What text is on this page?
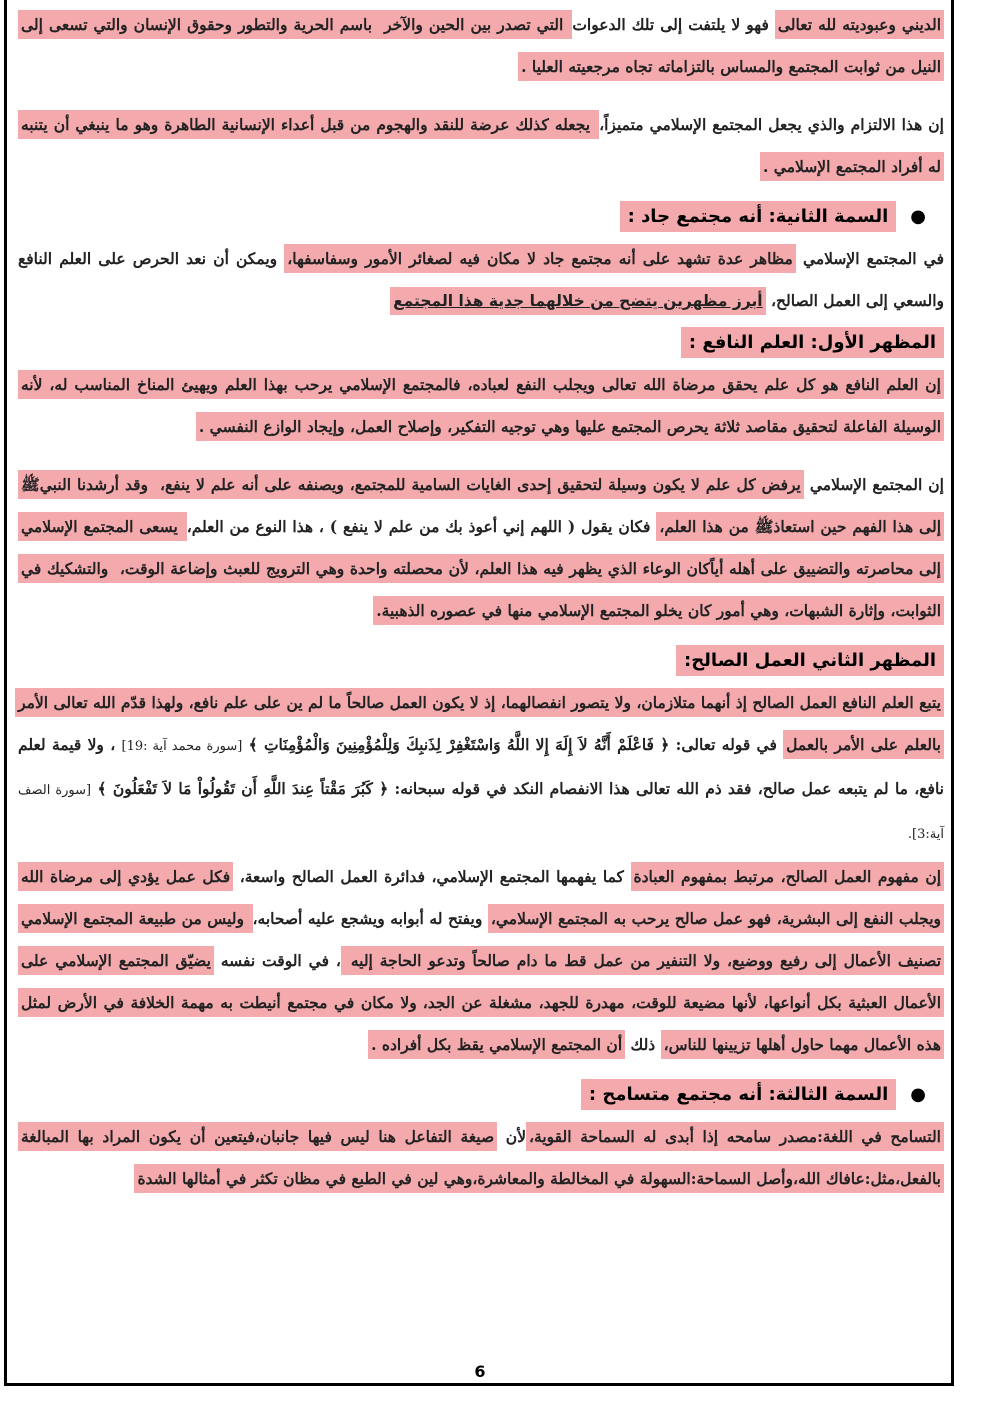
الديني وعبوديته لله تعالى فهو لا يلتفت إلى تلك الدعوات التي تصدر بين الحين والآخر باسم الحرية والتطور وحقوق الإنسان والتي تسعى إلى النيل من ثوابت المجتمع والمساس بالتزاماته تجاه مرجعيته العليا .

إن هذا الالتزام والذي يجعل المجتمع الإسلامي متميزاً، يجعله كذلك عرضة للنقد والهجوم من قبل أعداء الإنسانية الطاهرة وهو ما ينبغي أن يتنبه له أفراد المجتمع الإسلامي .

●السمة الثانية: أنه مجتمع جاد :

في المجتمع الإسلامي مظاهر عدة تشهد على أنه مجتمع جاد لا مكان فيه لصغائر الأمور وسفاسفها، ويمكن أن نعد الحرص على العلم النافع والسعي إلى العمل الصالح، أبرز مظهرين يتضح من خلالهما جدية هذا المجتمع

المظهر الأول: العلم النافع :

إن العلم النافع هو كل علم يحقق مرضاة الله تعالى ويجلب النفع لعباده، فالمجتمع الإسلامي يرحب بهذا العلم ويهيئ المناخ المناسب له، لأنه الوسيلة الفاعلة لتحقيق مقاصد ثلاثة يحرص المجتمع عليها وهي توجيه التفكير، وإصلاح العمل، وإيجاد الوازع النفسي .

إن المجتمع الإسلامي يرفض كل علم لا يكون وسيلة لتحقيق إحدى الغايات السامية للمجتمع، ويصنفه على أنه علم لا ينفع، وقد أرشدنا النبيﷺ إلى هذا الفهم حين استعاذﷺ من هذا العلم، فكان يقول ( اللهم إني أعوذ بك من علم لا ينفع ) ، هذا النوع من العلم، يسعى المجتمع الإسلامي إلى محاصرته والتضييق على أهله أياًكان الوعاء الذي يظهر فيه هذا العلم، لأن محصلته واحدة وهي الترويج للعبث وإضاعة الوقت، والتشكيك في الثوابت، وإثارة الشبهات، وهي أمور كان يخلو المجتمع الإسلامي منها في عصوره الذهبية.

المظهر الثاني العمل الصالح:

يتبع العلم النافع العمل الصالح إذ أنهما متلازمان، ولا يتصور انفصالهما، إذ لا يكون العمل صالحاً ما لم ين على علم نافع، ولهذا قدّم الله تعالى الأمر بالعلم على الأمر بالعمل في قوله تعالى: ﴿ فَاعْلَمْ أَنَّهُ لاَ إِلَهَ إِلا اللَّهُ وَاسْتَغْفِرْ لِذَنبِكَ وَلِلْمُؤْمِنِينَ وَالْمُؤْمِنَاتِ ﴾ [سورة محمد آية :19] ، ولا قيمة لعلم نافع، ما لم يتبعه عمل صالح، فقد ذم الله تعالى هذا الانفصام النكد في قوله سبحانه: ﴿ كَبُرَ مَقْتاً عِندَ اللَّهِ أَن تَقُولُواْ مَا لاَ تَفْعَلُونَ ﴾ [سورة الصف آية:3].

إن مفهوم العمل الصالح، مرتبط بمفهوم العبادة كما يفهمها المجتمع الإسلامي، فدائرة العمل الصالح واسعة، فكل عمل يؤدي إلى مرضاة الله ويجلب النفع إلى البشرية، فهو عمل صالح يرحب به المجتمع الإسلامي، ويفتح له أبوابه ويشجع عليه أصحابه، وليس من طبيعة المجتمع الإسلامي تصنيف الأعمال إلى رفيع ووضيع، ولا التنفير من عمل قط ما دام صالحاً وتدعو الحاجة إليه ، في الوقت نفسه يضيّق المجتمع الإسلامي على الأعمال العبثية بكل أنواعها، لأنها مضيعة للوقت، مهدرة للجهد، مشغلة عن الجد،ولا مكان في مجتمع أنيطت به مهمة الخلافة في الأرض لمثل هذه الأعمال مهما حاول أهلها تزيينها للناس، ذلك أن المجتمع الإسلامي يقظ بكل أفراده .

●السمة الثالثة: أنه مجتمع متسامح :

التسامح في اللغة:مصدر سامحه إذا أبدى له السماحة القوية،لأن صيغة التفاعل هنا ليس فيها جانبان،فيتعين أن يكون المراد بها المبالغة بالفعل،مثل:عافاك الله،وأصل السماحة:السهولة في المخالطة والمعاشرة،وهي لين في الطبع في مظان تكثر في أمثالها الشدة

6
